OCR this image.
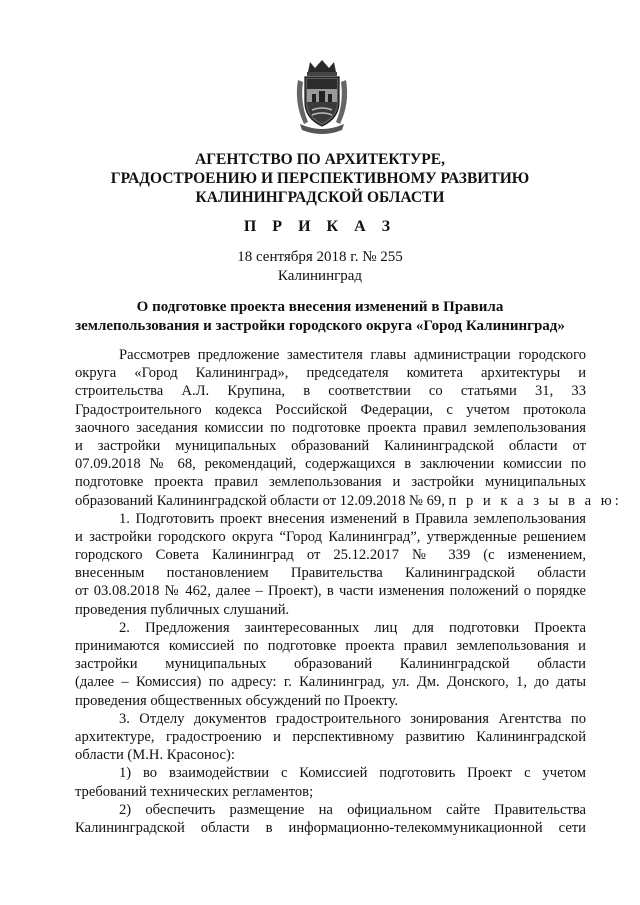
АГЕНТСТВО ПО АРХИТЕКТУРЕ,
ГРАДОСТРОЕНИЮ И ПЕРСПЕКТИВНОМУ РАЗВИТИЮ
КАЛИНИНГРАДСКОЙ ОБЛАСТИ
П Р И К А З
18 сентября 2018 г. № 255
Калининград
О подготовке проекта внесения изменений в Правила
землепользования и застройки городского округа «Город Калининград»
Рассмотрев предложение заместителя главы администрации городского
округа «Город Калининград», председателя комитета архитектуры и
строительства А.Л. Крупина, в соответствии со статьями 31, 33
Градостроительного кодекса Российской Федерации, с учетом протокола
заочного заседания комиссии по подготовке проекта правил землепользования
и застройки муниципальных образований Калининградской области от
07.09.2018 № 68, рекомендаций, содержащихся в заключении комиссии по
подготовке проекта правил землепользования и застройки муниципальных
образований Калининградской области от 12.09.2018 № 69, п р и к а з ы в а ю:
1. Подготовить проект внесения изменений в Правила землепользования
и застройки городского округа “Город Калининград”, утвержденные решением
городского Совета Калининград от 25.12.2017 № 339 (с изменением,
внесенным постановлением Правительства Калининградской области
от 03.08.2018 № 462, далее – Проект), в части изменения положений о порядке
проведения публичных слушаний.
2. Предложения заинтересованных лиц для подготовки Проекта
принимаются комиссией по подготовке проекта правил землепользования и
застройки муниципальных образований Калининградской области
(далее – Комиссия) по адресу: г. Калининград, ул. Дм. Донского, 1, до даты
проведения общественных обсуждений по Проекту.
3. Отделу документов градостроительного зонирования Агентства по
архитектуре, градостроению и перспективному развитию Калининградской
области (М.Н. Красонос):
1) во взаимодействии с Комиссией подготовить Проект с учетом
требований технических регламентов;
2) обеспечить размещение на официальном сайте Правительства
Калининградской области в информационно-телекоммуникационной сети
